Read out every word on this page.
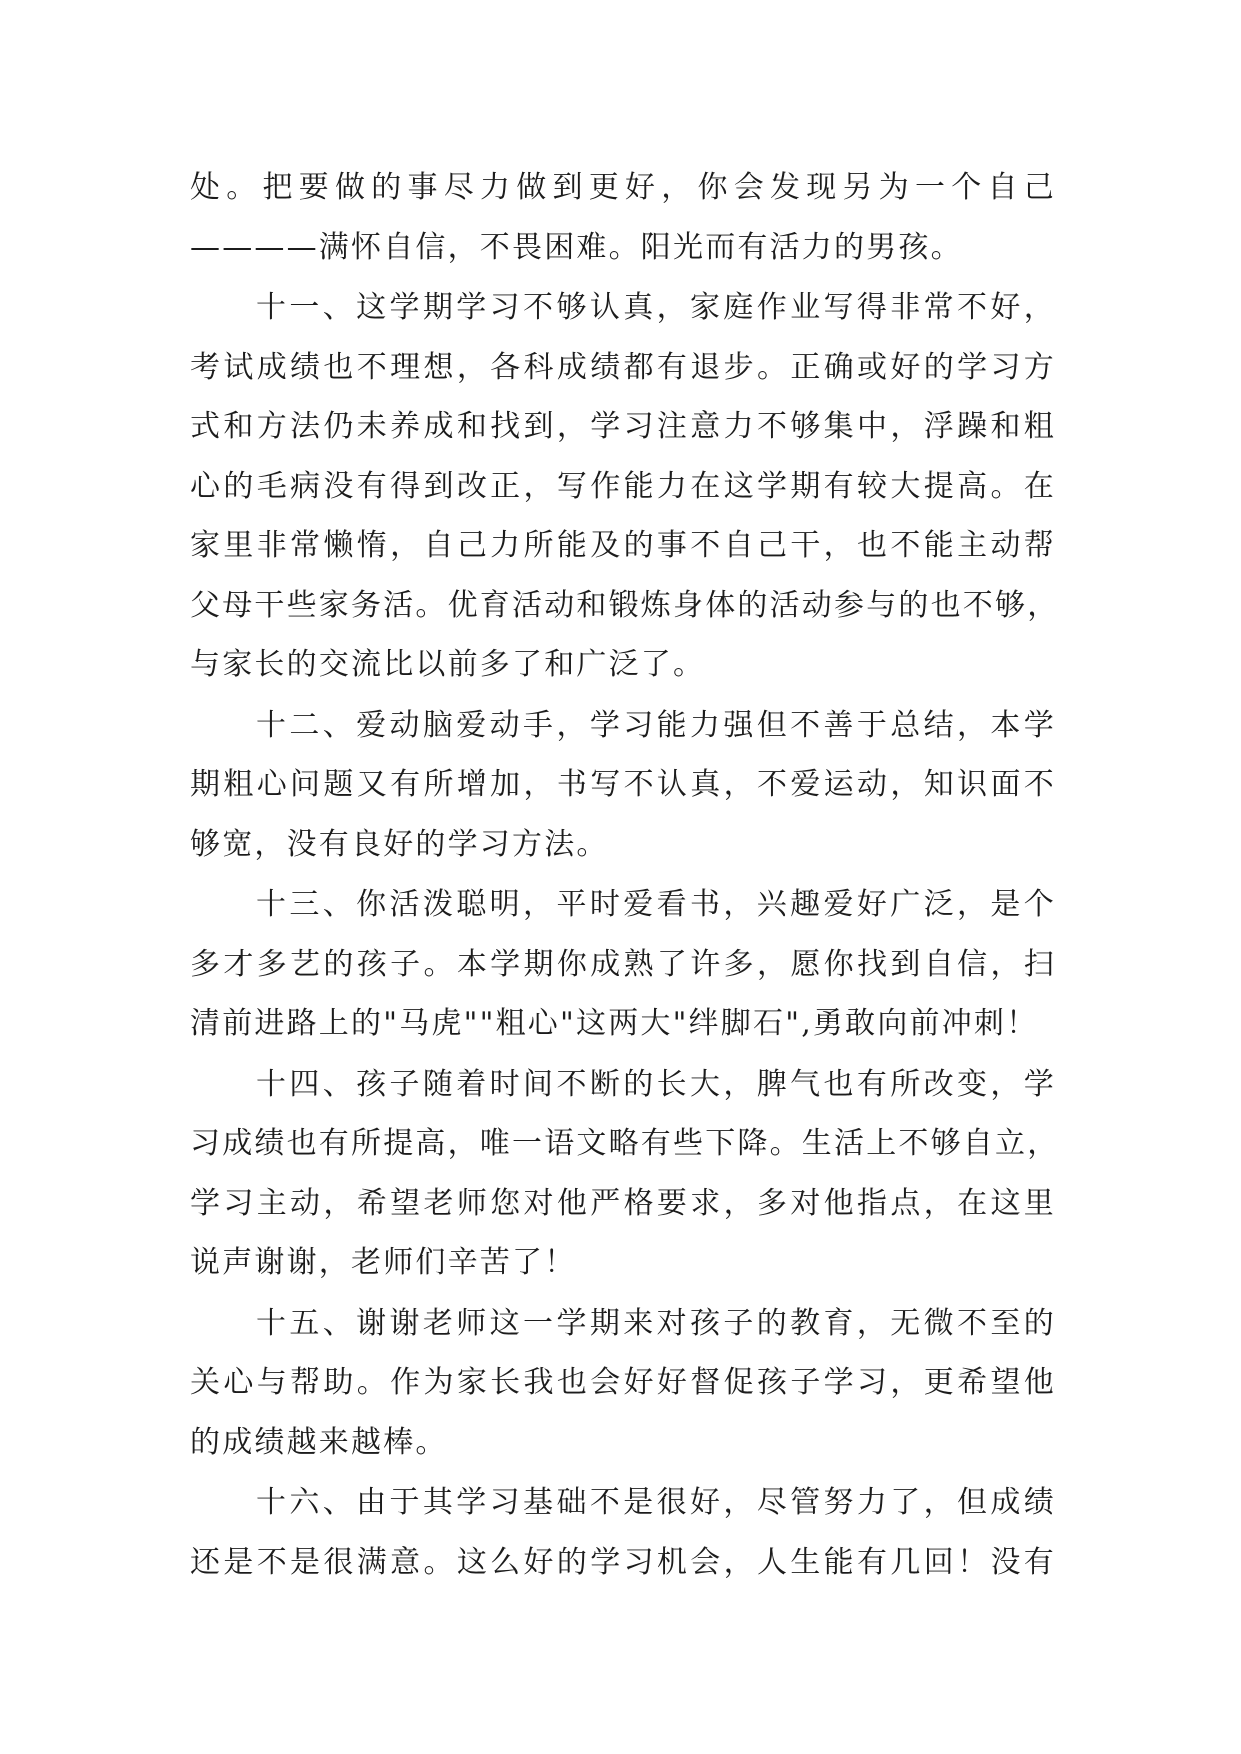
处。把要做的事尽力做到更好，你会发现另为一个自己
————满怀自信，不畏困难。阳光而有活力的男孩。
十一、这学期学习不够认真，家庭作业写得非常不好，
考试成绩也不理想，各科成绩都有退步。正确或好的学习方
式和方法仍未养成和找到，学习注意力不够集中，浮躁和粗
心的毛病没有得到改正，写作能力在这学期有较大提高。在
家里非常懒惰，自己力所能及的事不自己干，也不能主动帮
父母干些家务活。优育活动和锻炼身体的活动参与的也不够，
与家长的交流比以前多了和广泛了。
十二、爱动脑爱动手，学习能力强但不善于总结，本学
期粗心问题又有所增加，书写不认真，不爱运动，知识面不
够宽，没有良好的学习方法。
十三、你活泼聪明，平时爱看书，兴趣爱好广泛，是个
多才多艺的孩子。本学期你成熟了许多，愿你找到自信，扫
清前进路上的"马虎""粗心"这两大"绊脚石",勇敢向前冲刺！
十四、孩子随着时间不断的长大，脾气也有所改变，学
习成绩也有所提高，唯一语文略有些下降。生活上不够自立，
学习主动，希望老师您对他严格要求，多对他指点，在这里
说声谢谢，老师们辛苦了！
十五、谢谢老师这一学期来对孩子的教育，无微不至的
关心与帮助。作为家长我也会好好督促孩子学习，更希望他
的成绩越来越棒。
十六、由于其学习基础不是很好，尽管努力了，但成绩
还是不是很满意。这么好的学习机会，人生能有几回！没有
